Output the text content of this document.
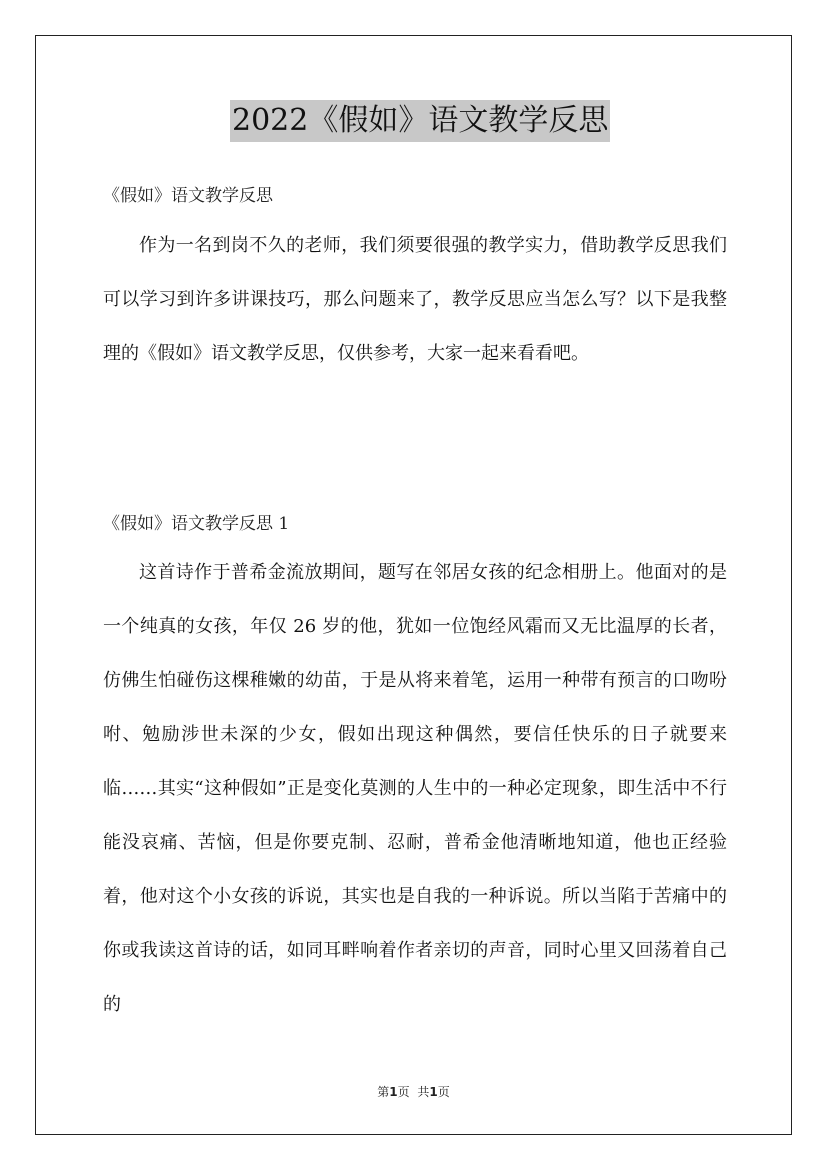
2022《假如》语文教学反思
《假如》语文教学反思
作为一名到岗不久的老师，我们须要很强的教学实力，借助教学反思我们可以学习到许多讲课技巧，那么问题来了，教学反思应当怎么写？以下是我整理的《假如》语文教学反思，仅供参考，大家一起来看看吧。
《假如》语文教学反思 1
这首诗作于普希金流放期间，题写在邻居女孩的纪念相册上。他面对的是一个纯真的女孩，年仅 26 岁的他，犹如一位饱经风霜而又无比温厚的长者，仿佛生怕碰伤这棵稚嫩的幼苗，于是从将来着笔，运用一种带有预言的口吻吩咐、勉励涉世未深的少女，假如出现这种偶然，要信任快乐的日子就要来临……其实“这种假如”正是变化莫测的人生中的一种必定现象，即生活中不行能没哀痛、苦恼，但是你要克制、忍耐，普希金他清晰地知道，他也正经验着，他对这个小女孩的诉说，其实也是自我的一种诉说。所以当陷于苦痛中的你或我读这首诗的话，如同耳畔响着作者亲切的声音，同时心里又回荡着自己的
第1页 共1页
